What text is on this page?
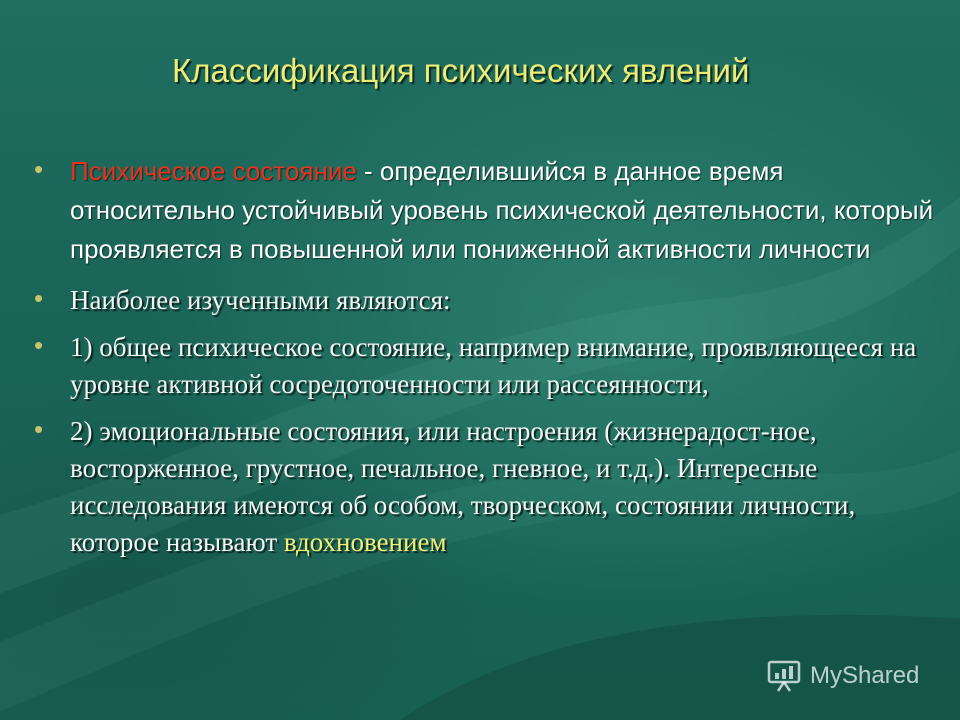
Классификация психических явлений
• Психическое состояние - определившийся в данное время относительно устойчивый уровень психической деятельности, который проявляется в повышенной или пониженной активности личности
• Наиболее изученными являются:
• 1) общее психическое состояние, например внимание, проявляющееся на уровне активной сосредоточенности или рассеянности,
• 2) эмоциональные состояния, или настроения (жизнерадост-ное, восторженное, грустное, печальное, гневное, и т.д.). Интересные исследования имеются об особом, творческом, состоянии личности, которое называют вдохновением
MyShared
